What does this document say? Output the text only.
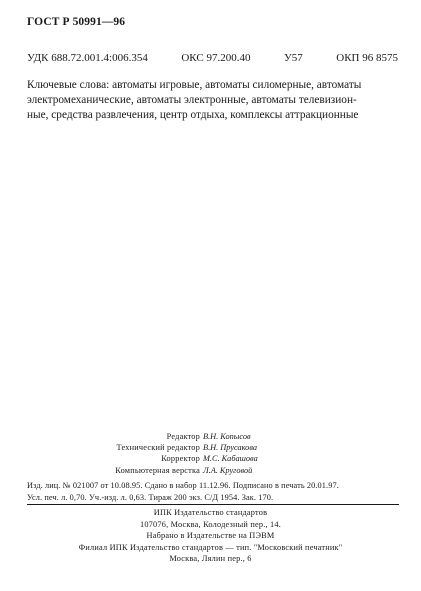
ГОСТ Р 50991—96
УДК 688.72.001.4:006.354	ОКС 97.200.40	У57	ОКП 96 8575
Ключевые слова: автоматы игровые, автоматы силомерные, автоматы
электромеханические, автоматы электронные, автоматы телевизион-
ные, средства развлечения, центр отдыха, комплексы аттракционные
Редактор В.Н. Копысов
Технический редактор В.Н. Прусакова
Корректор М.С. Кабашова
Компьютерная верстка Л.А. Круговой
Изд. лиц. № 021007 от 10.08.95. Сдано в набор 11.12.96. Подписано в печать 20.01.97.
Усл. печ. л. 0,70. Уч.-изд. л. 0,63. Тираж 200 экз. С/Д 1954. Зак. 170.
ИПК Издательство стандартов
107076, Москва, Колодезный пер., 14.
Набрано в Издательстве на ПЭВМ
Филиал ИПК Издательство стандартов — тип. "Московский печатник"
Москва, Лялин пер., 6
